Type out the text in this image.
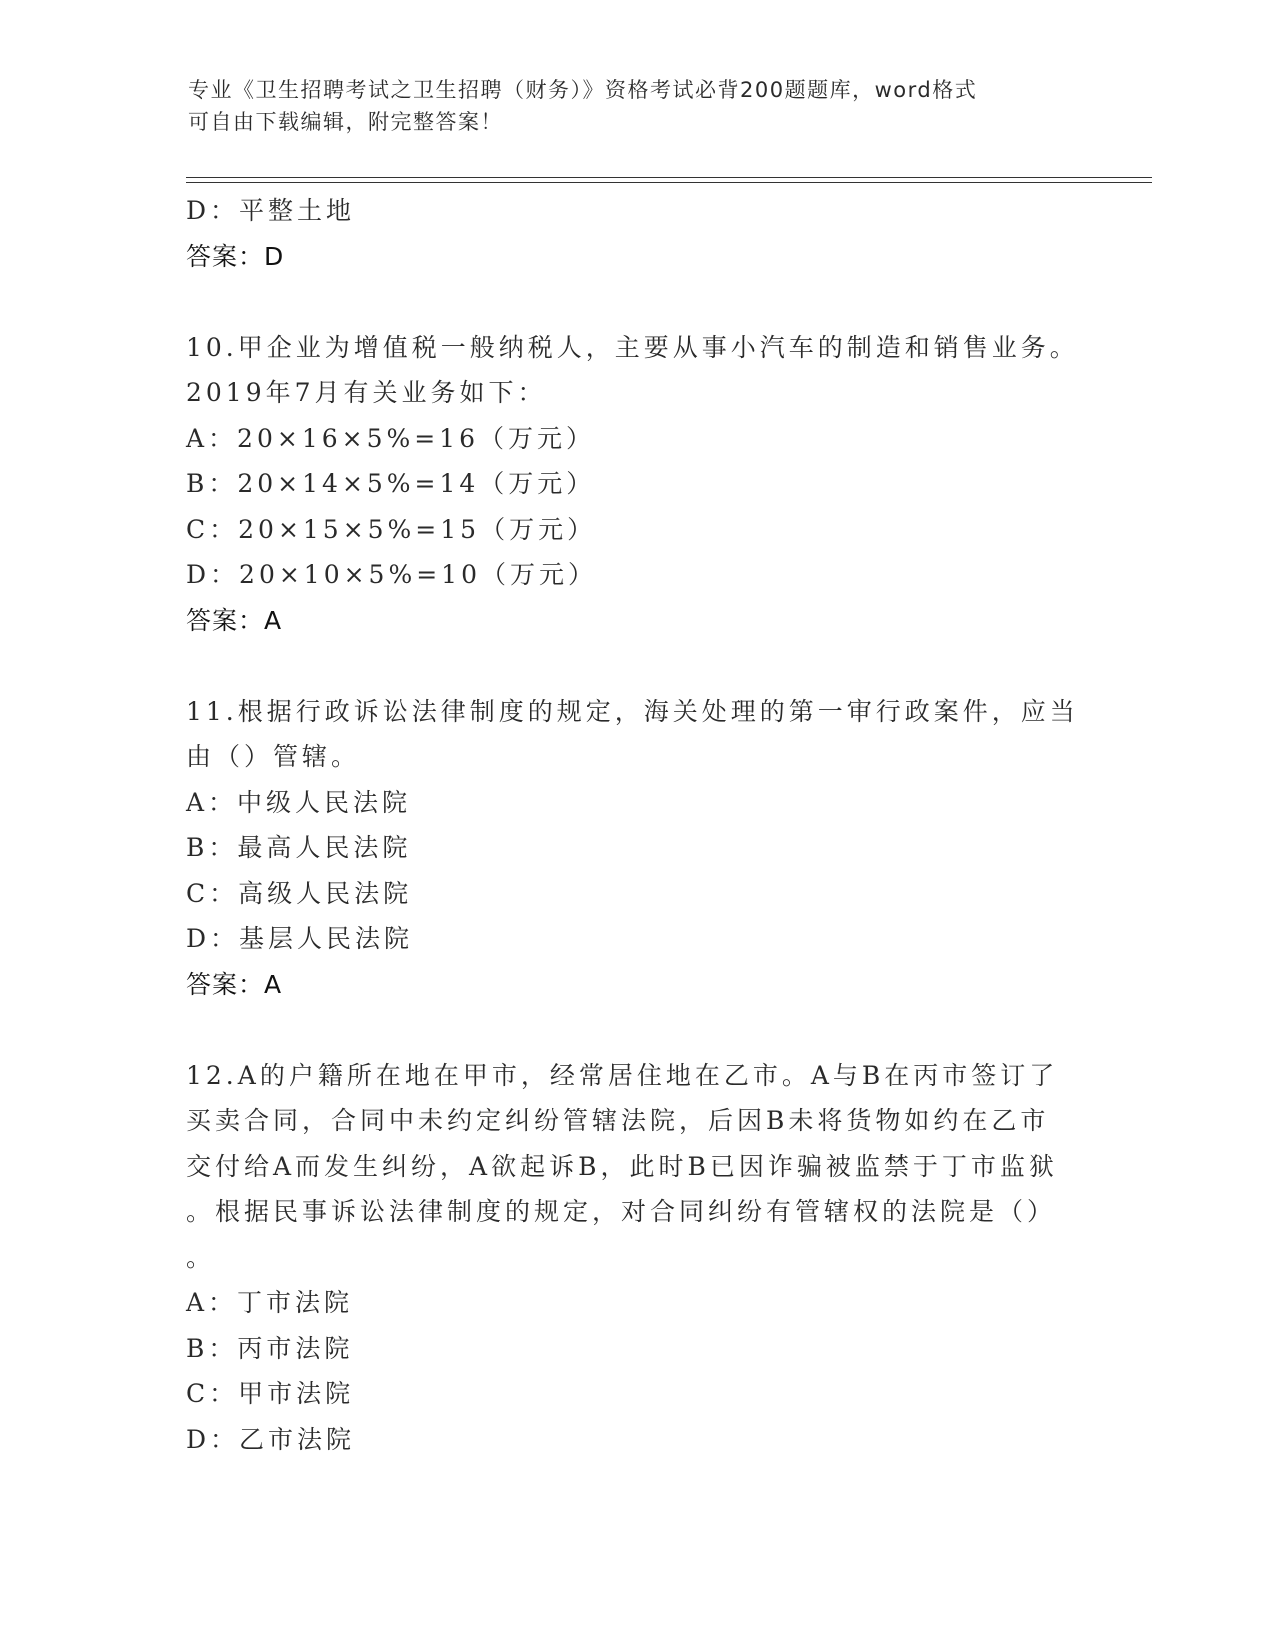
专业《卫生招聘考试之卫生招聘（财务）》资格考试必背200题题库，word格式
可自由下载编辑，附完整答案！
D：平整土地
答案：D
10.甲企业为增值税一般纳税人，主要从事小汽车的制造和销售业务。
2019年7月有关业务如下：
A：20×16×5%=16（万元）
B：20×14×5%=14（万元）
C：20×15×5%=15（万元）
D：20×10×5%=10（万元）
答案：A
11.根据行政诉讼法律制度的规定，海关处理的第一审行政案件，应当
由（）管辖。
A：中级人民法院
B：最高人民法院
C：高级人民法院
D：基层人民法院
答案：A
12.A的户籍所在地在甲市，经常居住地在乙市。A与B在丙市签订了
买卖合同，合同中未约定纠纷管辖法院，后因B未将货物如约在乙市
交付给A而发生纠纷，A欲起诉B，此时B已因诈骗被监禁于丁市监狱
。根据民事诉讼法律制度的规定，对合同纠纷有管辖权的法院是（）
。
A：丁市法院
B：丙市法院
C：甲市法院
D：乙市法院
